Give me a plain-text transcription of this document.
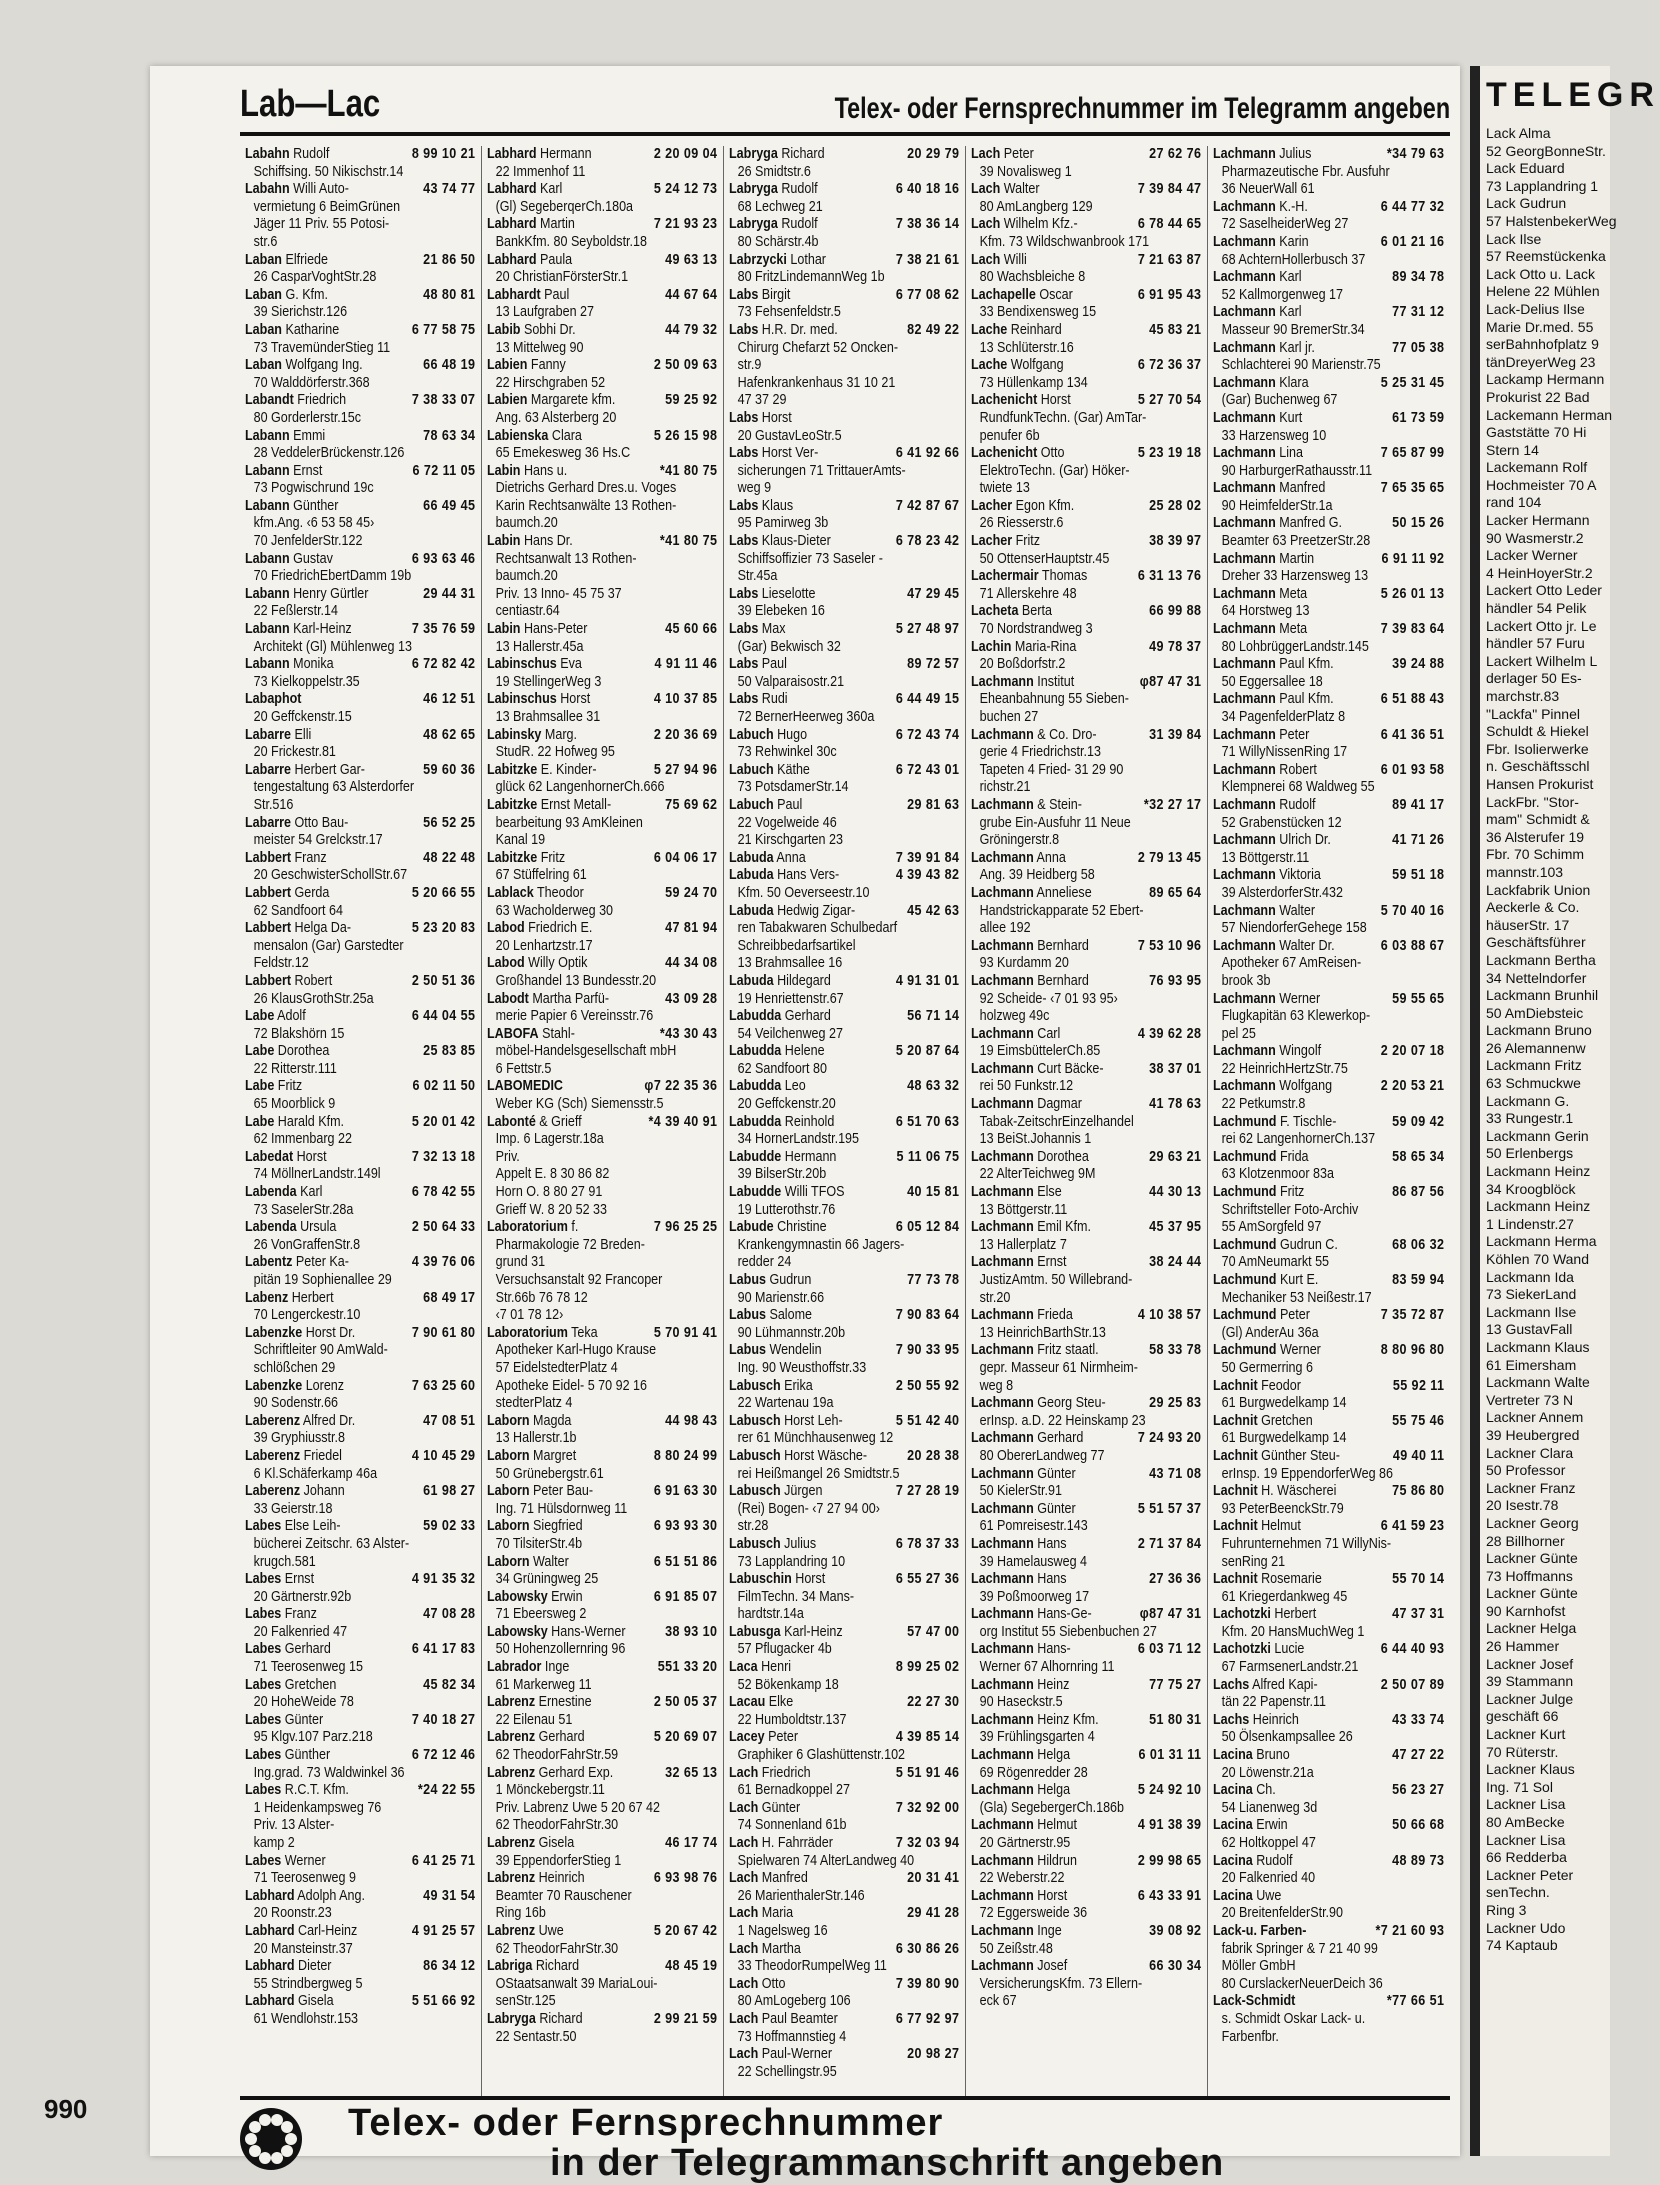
Lab—Lac	Telex- oder Fernsprechnummer im Telegramm angeben
Labahn Rudolf	8 99 10 21
Schiffsing. 50 Nikischstr.14
Labahn Willi Auto-	43 74 77
vermietung 6 BeimGrünen
Jäger 11 Priv. 55 Potosi-
str.6
Laban Elfriede	21 86 50
26 CasparVoghtStr.28
Laban G. Kfm.	48 80 81
39 Sierichstr.126
Laban Katharine	6 77 58 75
73 TravemünderStieg 11
Laban Wolfgang Ing.	66 48 19
70 Walddörferstr.368
Labandt Friedrich	7 38 33 07
80 Gorderlerstr.15c
Labann Emmi	78 63 34
28 VeddelerBrückenstr.126
Labann Ernst	6 72 11 05
73 Pogwischrund 19c
Labann Günther	66 49 45
kfm.Ang. ‹6 53 58 45›
70 JenfelderStr.122
Labann Gustav	6 93 63 46
70 FriedrichEbertDamm 19b
Labann Henry Gürtler	29 44 31
22 Feßlerstr.14
Labann Karl-Heinz	7 35 76 59
Architekt (Gl) Mühlenweg 13
Labann Monika	6 72 82 42
73 Kielkoppelstr.35
Labaphot	46 12 51
20 Geffckenstr.15
Labarre Elli	48 62 65
20 Frickestr.81
Labarre Herbert Gar-	59 60 36
tengestaltung 63 Alsterdorfer
Str.516
Labarre Otto Bau-	56 52 25
meister 54 Grelckstr.17
Labbert Franz	48 22 48
20 GeschwisterSchollStr.67
Labbert Gerda	5 20 66 55
62 Sandfoort 64
Labbert Helga Da-	5 23 20 83
mensalon (Gar) Garstedter
Feldstr.12
Labbert Robert	2 50 51 36
26 KlausGrothStr.25a
Labe Adolf	6 44 04 55
72 Blakshörn 15
Labe Dorothea	25 83 85
22 Ritterstr.111
Labe Fritz	6 02 11 50
65 Moorblick 9
Labe Harald Kfm.	5 20 01 42
62 Immenbarg 22
Labedat Horst	7 32 13 18
74 MöllnerLandstr.149l
Labenda Karl	6 78 42 55
73 SaselerStr.28a
Labenda Ursula	2 50 64 33
26 VonGraffenStr.8
Labentz Peter Ka-	4 39 76 06
pitän 19 Sophienallee 29
Labenz Herbert	68 49 17
70 Lengerckestr.10
Labenzke Horst Dr.	7 90 61 80
Schriftleiter 90 AmWald-
schlößchen 29
Labenzke Lorenz	7 63 25 60
90 Sodenstr.66
Laberenz Alfred Dr.	47 08 51
39 Gryphiusstr.8
Laberenz Friedel	4 10 45 29
6 Kl.Schäferkamp 46a
Laberenz Johann	61 98 27
33 Geierstr.18
Labes Else Leih-	59 02 33
bücherei Zeitschr. 63 Alster-
krugch.581
Labes Ernst	4 91 35 32
20 Gärtnerstr.92b
Labes Franz	47 08 28
20 Falkenried 47
Labes Gerhard	6 41 17 83
71 Teerosenweg 15
Labes Gretchen	45 82 34
20 HoheWeide 78
Labes Günter	7 40 18 27
95 Klgv.107 Parz.218
Labes Günther	6 72 12 46
Ing.grad. 73 Waldwinkel 36
Labes R.C.T. Kfm.	*24 22 55
1 Heidenkampsweg 76
Priv. 13 Alster-
kamp 2
Labes Werner	6 41 25 71
71 Teerosenweg 9
Labhard Adolph Ang.	49 31 54
20 Roonstr.23
Labhard Carl-Heinz	4 91 25 57
20 Mansteinstr.37
Labhard Dieter	86 34 12
55 Strindbergweg 5
Labhard Gisela	5 51 66 92
61 Wendlohstr.153
Labhard Hermann	2 20 09 04
22 Immenhof 11
Labhard Karl	5 24 12 73
(Gl) SegeberqerCh.180a
Labhard Martin	7 21 93 23
BankKfm. 80 Seyboldstr.18
Labhard Paula	49 63 13
20 ChristianFörsterStr.1
Labhardt Paul	44 67 64
13 Laufgraben 27
Labib Sobhi Dr.	44 79 32
13 Mittelweg 90
Labien Fanny	2 50 09 63
22 Hirschgraben 52
Labien Margarete kfm.	59 25 92
Ang. 63 Alsterberg 20
Labienska Clara	5 26 15 98
65 Emekesweg 36 Hs.C
Labin Hans u.	*41 80 75
Dietrichs Gerhard Dres.u. Voges
Karin Rechtsanwälte 13 Rothen-
baumch.20
Labin Hans Dr.	*41 80 75
Rechtsanwalt 13 Rothen-
baumch.20
Priv. 13 Inno- 45 75 37
centiastr.64
Labin Hans-Peter	45 60 66
13 Hallerstr.45a
Labinschus Eva	4 91 11 46
19 StellingerWeg 3
Labinschus Horst	4 10 37 85
13 Brahmsallee 31
Labinsky Marg.	2 20 36 69
StudR. 22 Hofweg 95
Labitzke E. Kinder-	5 27 94 96
glück 62 LangenhornerCh.666
Labitzke Ernst Metall-	75 69 62
bearbeitung 93 AmKleinen
Kanal 19
Labitzke Fritz	6 04 06 17
67 Stüffelring 61
Lablack Theodor	59 24 70
63 Wacholderweg 30
Labod Friedrich E.	47 81 94
20 Lenhartzstr.17
Labod Willy Optik	44 34 08
Großhandel 13 Bundesstr.20
Labodt Martha Parfü-	43 09 28
merie Papier 6 Vereinsstr.76
LABOFA Stahl-	*43 30 43
möbel-Handelsgesellschaft mbH
6 Fettstr.5
LABOMEDIC	φ7 22 35 36
Weber KG (Sch) Siemensstr.5
Labonté & Grieff	*4 39 40 91
Imp. 6 Lagerstr.18a
Priv.
Appelt E. 8 30 86 82
Horn O. 8 80 27 91
Grieff W. 8 20 52 33
Laboratorium f.	7 96 25 25
Pharmakologie 72 Breden-
grund 31
Versuchsanstalt 92 Francoper
Str.66b 76 78 12
‹7 01 78 12›
Laboratorium Teka	5 70 91 41
Apotheker Karl-Hugo Krause
57 EidelstedterPlatz 4
Apotheke Eidel- 5 70 92 16
stedterPlatz 4
Laborn Magda	44 98 43
13 Hallerstr.1b
Laborn Margret	8 80 24 99
50 Grünebergstr.61
Laborn Peter Bau-	6 91 63 30
Ing. 71 Hülsdornweg 11
Laborn Siegfried	6 93 93 30
70 TilsiterStr.4b
Laborn Walter	6 51 51 86
34 Grüningweg 25
Labowsky Erwin	6 91 85 07
71 Ebeersweg 2
Labowsky Hans-Werner	38 93 10
50 Hohenzollernring 96
Labrador Inge	551 33 20
61 Markerweg 11
Labrenz Ernestine	2 50 05 37
22 Eilenau 51
Labrenz Gerhard	5 20 69 07
62 TheodorFahrStr.59
Labrenz Gerhard Exp.	32 65 13
1 Mönckebergstr.11
Priv. Labrenz Uwe 5 20 67 42
62 TheodorFahrStr.30
Labrenz Gisela	46 17 74
39 EppendorferStieg 1
Labrenz Heinrich	6 93 98 76
Beamter 70 Rauschener
Ring 16b
Labrenz Uwe	5 20 67 42
62 TheodorFahrStr.30
Labriga Richard	48 45 19
OStaatsanwalt 39 MariaLoui-
senStr.125
Labryga Richard	2 99 21 59
22 Sentastr.50
Labryga Richard	20 29 79
26 Smidtstr.6
Labryga Rudolf	6 40 18 16
68 Lechweg 21
Labryga Rudolf	7 38 36 14
80 Schärstr.4b
Labrzycki Lothar	7 38 21 61
80 FritzLindemannWeg 1b
Labs Birgit	6 77 08 62
73 Fehsenfeldstr.5
Labs H.R. Dr. med.	82 49 22
Chirurg Chefarzt 52 Oncken-
str.9
Hafenkrankenhaus 31 10 21
47 37 29
Labs Horst
20 GustavLeoStr.5
Labs Horst Ver-	6 41 92 66
sicherungen 71 TrittauerAmts-
weg 9
Labs Klaus	7 42 87 67
95 Pamirweg 3b
Labs Klaus-Dieter	6 78 23 42
Schiffsoffizier 73 Saseler -
Str.45a
Labs Lieselotte	47 29 45
39 Elebeken 16
Labs Max	5 27 48 97
(Gar) Bekwisch 32
Labs Paul	89 72 57
50 Valparaisostr.21
Labs Rudi	6 44 49 15
72 BernerHeerweg 360a
Labuch Hugo	6 72 43 74
73 Rehwinkel 30c
Labuch Käthe	6 72 43 01
73 PotsdamerStr.14
Labuch Paul	29 81 63
22 Vogelweide 46
21 Kirschgarten 23
Labuda Anna	7 39 91 84
Labuda Hans Vers-	4 39 43 82
Kfm. 50 Oeverseestr.10
Labuda Hedwig Zigar-	45 42 63
ren Tabakwaren Schulbedarf
Schreibbedarfsartikel
13 Brahmsallee 16
Labuda Hildegard	4 91 31 01
19 Henriettenstr.67
Labudda Gerhard	56 71 14
54 Veilchenweg 27
Labudda Helene	5 20 87 64
62 Sandfoort 80
Labudda Leo	48 63 32
20 Geffckenstr.20
Labudda Reinhold	6 51 70 63
34 HornerLandstr.195
Labudde Hermann	5 11 06 75
39 BilserStr.20b
Labudde Willi TFOS	40 15 81
19 Lutterothstr.76
Labude Christine	6 05 12 84
Krankengymnastin 66 Jagers-
redder 24
Labus Gudrun	77 73 78
90 Marienstr.66
Labus Salome	7 90 83 64
90 Lühmannstr.20b
Labus Wendelin	7 90 33 95
Ing. 90 Weusthoffstr.33
Labusch Erika	2 50 55 92
22 Wartenau 19a
Labusch Horst Leh-	5 51 42 40
rer 61 Münchhausenweg 12
Labusch Horst Wäsche-	20 28 38
rei Heißmangel 26 Smidtstr.5
Labusch Jürgen	7 27 28 19
(Rei) Bogen- ‹7 27 94 00›
str.28
Labusch Julius	6 78 37 33
73 Lapplandring 10
Labuschin Horst	6 55 27 36
FilmTechn. 34 Mans-
hardtstr.14a
Labusga Karl-Heinz	57 47 00
57 Pflugacker 4b
Laca Henri	8 99 25 02
52 Bökenkamp 18
Lacau Elke	22 27 30
22 Humboldtstr.137
Lacey Peter	4 39 85 14
Graphiker 6 Glashüttenstr.102
Lach Friedrich	5 51 91 46
61 Bernadkoppel 27
Lach Günter	7 32 92 00
74 Sonnenland 61b
Lach H. Fahrräder	7 32 03 94
Spielwaren 74 AlterLandweg 40
Lach Manfred	20 31 41
26 MarienthalerStr.146
Lach Maria	29 41 28
1 Nagelsweg 16
Lach Martha	6 30 86 26
33 TheodorRumpelWeg 11
Lach Otto	7 39 80 90
80 AmLogeberg 106
Lach Paul Beamter	6 77 92 97
73 Hoffmannstieg 4
Lach Paul-Werner	20 98 27
22 Schellingstr.95
Lach Peter	27 62 76
39 Novalisweg 1
Lach Walter	7 39 84 47
80 AmLangberg 129
Lach Wilhelm Kfz.-	6 78 44 65
Kfm. 73 Wildschwanbrook 171
Lach Willi	7 21 63 87
80 Wachsbleiche 8
Lachapelle Oscar	6 91 95 43
33 Bendixensweg 15
Lache Reinhard	45 83 21
13 Schlüterstr.16
Lache Wolfgang	6 72 36 37
73 Hüllenkamp 134
Lachenicht Horst	5 27 70 54
RundfunkTechn. (Gar) AmTar-
penufer 6b
Lachenicht Otto	5 23 19 18
ElektroTechn. (Gar) Höker-
twiete 13
Lacher Egon Kfm.	25 28 02
26 Riesserstr.6
Lacher Fritz	38 39 97
50 OttenserHauptstr.45
Lachermair Thomas	6 31 13 76
71 Allerskehre 48
Lacheta Berta	66 99 88
70 Nordstrandweg 3
Lachin Maria-Rina	49 78 37
20 Boßdorfstr.2
Lachmann Institut	φ87 47 31
Eheanbahnung 55 Sieben-
buchen 27
Lachmann & Co. Dro-	31 39 84
gerie 4 Friedrichstr.13
Tapeten 4 Fried- 31 29 90
richstr.21
Lachmann & Stein-	*32 27 17
grube Ein-Ausfuhr 11 Neue
Gröningerstr.8
Lachmann Anna	2 79 13 45
Ang. 39 Heidberg 58
Lachmann Anneliese	89 65 64
Handstrickapparate 52 Ebert-
allee 192
Lachmann Bernhard	7 53 10 96
93 Kurdamm 20
Lachmann Bernhard	76 93 95
92 Scheide- ‹7 01 93 95›
holzweg 49c
Lachmann Carl	4 39 62 28
19 EimsbüttelerCh.85
Lachmann Curt Bäcke-	38 37 01
rei 50 Funkstr.12
Lachmann Dagmar	41 78 63
Tabak-ZeitschrEinzelhandel
13 BeiSt.Johannis 1
Lachmann Dorothea	29 63 21
22 AlterTeichweg 9M
Lachmann Else	44 30 13
13 Böttgerstr.11
Lachmann Emil Kfm.	45 37 95
13 Hallerplatz 7
Lachmann Ernst	38 24 44
JustizAmtm. 50 Willebrand-
str.20
Lachmann Frieda	4 10 38 57
13 HeinrichBarthStr.13
Lachmann Fritz staatl.	58 33 78
gepr. Masseur 61 Nirmheim-
weg 8
Lachmann Georg Steu-	29 25 83
erInsp. a.D. 22 Heinskamp 23
Lachmann Gerhard	7 24 93 20
80 ObererLandweg 77
Lachmann Günter	43 71 08
50 KielerStr.91
Lachmann Günter	5 51 57 37
61 Pomreisestr.143
Lachmann Hans	2 71 37 84
39 Hamelausweg 4
Lachmann Hans	27 36 36
39 Poßmoorweg 17
Lachmann Hans-Ge-	φ87 47 31
org Institut 55 Siebenbuchen 27
Lachmann Hans-	6 03 71 12
Werner 67 Alhornring 11
Lachmann Heinz	77 75 27
90 Haseckstr.5
Lachmann Heinz Kfm.	51 80 31
39 Frühlingsgarten 4
Lachmann Helga	6 01 31 11
69 Rögenredder 28
Lachmann Helga	5 24 92 10
(Gla) SegebergerCh.186b
Lachmann Helmut	4 91 38 39
20 Gärtnerstr.95
Lachmann Hildrun	2 99 98 65
22 Weberstr.22
Lachmann Horst	6 43 33 91
72 Eggersweide 36
Lachmann Inge	39 08 92
50 Zeißstr.48
Lachmann Josef	66 30 34
VersicherungsKfm. 73 Ellern-
eck 67
Lachmann Julius	*34 79 63
Pharmazeutische Fbr. Ausfuhr
36 NeuerWall 61
Lachmann K.-H.	6 44 77 32
72 SaselheiderWeg 27
Lachmann Karin	6 01 21 16
68 AchternHollerbusch 37
Lachmann Karl	89 34 78
52 Kallmorgenweg 17
Lachmann Karl	77 31 12
Masseur 90 BremerStr.34
Lachmann Karl jr.	77 05 38
Schlachterei 90 Marienstr.75
Lachmann Klara	5 25 31 45
(Gar) Buchenweg 67
Lachmann Kurt	61 73 59
33 Harzensweg 10
Lachmann Lina	7 65 87 99
90 HarburgerRathausstr.11
Lachmann Manfred	7 65 35 65
90 HeimfelderStr.1a
Lachmann Manfred G.	50 15 26
Beamter 63 PreetzerStr.28
Lachmann Martin	6 91 11 92
Dreher 33 Harzensweg 13
Lachmann Meta	5 26 01 13
64 Horstweg 13
Lachmann Meta	7 39 83 64
80 LohbrüggerLandstr.145
Lachmann Paul Kfm.	39 24 88
50 Eggersallee 18
Lachmann Paul Kfm.	6 51 88 43
34 PagenfelderPlatz 8
Lachmann Peter	6 41 36 51
71 WillyNissenRing 17
Lachmann Robert	6 01 93 58
Klempnerei 68 Waldweg 55
Lachmann Rudolf	89 41 17
52 Grabenstücken 12
Lachmann Ulrich Dr.	41 71 26
13 Böttgerstr.11
Lachmann Viktoria	59 51 18
39 AlsterdorferStr.432
Lachmann Walter	5 70 40 16
57 NiendorferGehege 158
Lachmann Walter Dr.	6 03 88 67
Apotheker 67 AmReisen-
brook 3b
Lachmann Werner	59 55 65
Flugkapitän 63 Klewerkop-
pel 25
Lachmann Wingolf	2 20 07 18
22 HeinrichHertzStr.75
Lachmann Wolfgang	2 20 53 21
22 Petkumstr.8
Lachmund F. Tischle-	59 09 42
rei 62 LangenhornerCh.137
Lachmund Frida	58 65 34
63 Klotzenmoor 83a
Lachmund Fritz	86 87 56
Schriftsteller Foto-Archiv
55 AmSorgfeld 97
Lachmund Gudrun C.	68 06 32
70 AmNeumarkt 55
Lachmund Kurt E.	83 59 94
Mechaniker 53 Neißestr.17
Lachmund Peter	7 35 72 87
(Gl) AnderAu 36a
Lachmund Werner	8 80 96 80
50 Germerring 6
Lachnit Feodor	55 92 11
61 Burgwedelkamp 14
Lachnit Gretchen	55 75 46
61 Burgwedelkamp 14
Lachnit Günther Steu-	49 40 11
erInsp. 19 EppendorferWeg 86
Lachnit H. Wäscherei	75 86 80
93 PeterBeenckStr.79
Lachnit Helmut	6 41 59 23
Fuhrunternehmen 71 WillyNis-
senRing 21
Lachnit Rosemarie	55 70 14
61 Kriegerdankweg 45
Lachotzki Herbert	47 37 31
Kfm. 20 HansMuchWeg 1
Lachotzki Lucie	6 44 40 93
67 FarmsenerLandstr.21
Lachs Alfred Kapi-	2 50 07 89
tän 22 Papenstr.11
Lachs Heinrich	43 33 74
50 Ölsenkampsallee 26
Lacina Bruno	47 27 22
20 Löwenstr.21a
Lacina Ch.	56 23 27
54 Lianenweg 3d
Lacina Erwin	50 66 68
62 Holtkoppel 47
Lacina Rudolf	48 89 73
20 Falkenried 40
Lacina Uwe
20 BreitenfelderStr.90
Lack-u. Farben-	*7 21 60 93
fabrik Springer & 7 21 40 99
Möller GmbH
80 CurslackerNeuerDeich 36
Lack-Schmidt	*77 66 51
s. Schmidt Oskar Lack- u.
Farbenfbr.
Telex- oder Fernsprechnummer
in der Telegrammanschrift angeben
990
TELEGR
Lack Alma
52 GeorgBonneStr.
Lack Eduard
73 Lapplandring 1
Lack Gudrun
57 HalstenbekerWeg
Lack Ilse
57 Reemstückenka
Lack Otto u. Lack
Helene 22 Mühlen
Lack-Delius Ilse
Marie Dr.med. 55
serBahnhofplatz 9
tänDreyerWeg 23
Lackamp Hermann
Prokurist 22 Bad
Lackemann Herman
Gaststätte 70 Hi
Stern 14
Lackemann Rolf
Hochmeister 70 A
rand 104
Lacker Hermann
90 Wasmerstr.2
Lacker Werner
4 HeinHoyerStr.2
Lackert Otto Leder
händler 54 Pelik
Lackert Otto jr. Le
händler 57 Furu
Lackert Wilhelm L
derlager 50 Es-
marchstr.83
"Lackfa" Pinnel
Schuldt & Hiekel
Fbr. Isolierwerke
n. Geschäftsschl
Hansen Prokurist
LackFbr. "Stor-
mam" Schmidt &
36 Alsterufer 19
Fbr. 70 Schimm
mannstr.103
Lackfabrik Union
Aeckerle & Co.
häuserStr. 17
Geschäftsführer
Lackmann Bertha
34 Nettelndorfer
Lackmann Brunhil
50 AmDiebsteic
Lackmann Bruno
26 Alemannenw
Lackmann Fritz
63 Schmuckwe
Lackmann G.
33 Rungestr.1
Lackmann Gerin
50 Erlenbergs
Lackmann Heinz
34 Kroogblöck
Lackmann Heinz
1 Lindenstr.27
Lackmann Herma
Köhlen 70 Wand
Lackmann Ida
73 SiekerLand
Lackmann Ilse
13 GustavFall
Lackmann Klaus
61 Eimersham
Lackmann Walte
Vertreter 73 N
Lackner Annem
39 Heubergred
Lackner Clara
50 Professor
Lackner Franz
20 Isestr.78
Lackner Georg
28 Billhorner
Lackner Günte
73 Hoffmanns
Lackner Günte
90 Karnhofst
Lackner Helga
26 Hammer
Lackner Josef
39 Stammann
Lackner Julge
geschäft 66
Lackner Kurt
70 Rüterstr.
Lackner Klaus
Ing. 71 Sol
Lackner Lisa
80 AmBecke
Lackner Lisa
66 Redderba
Lackner Peter
senTechn.
Ring 3
Lackner Udo
74 Kaptaub
